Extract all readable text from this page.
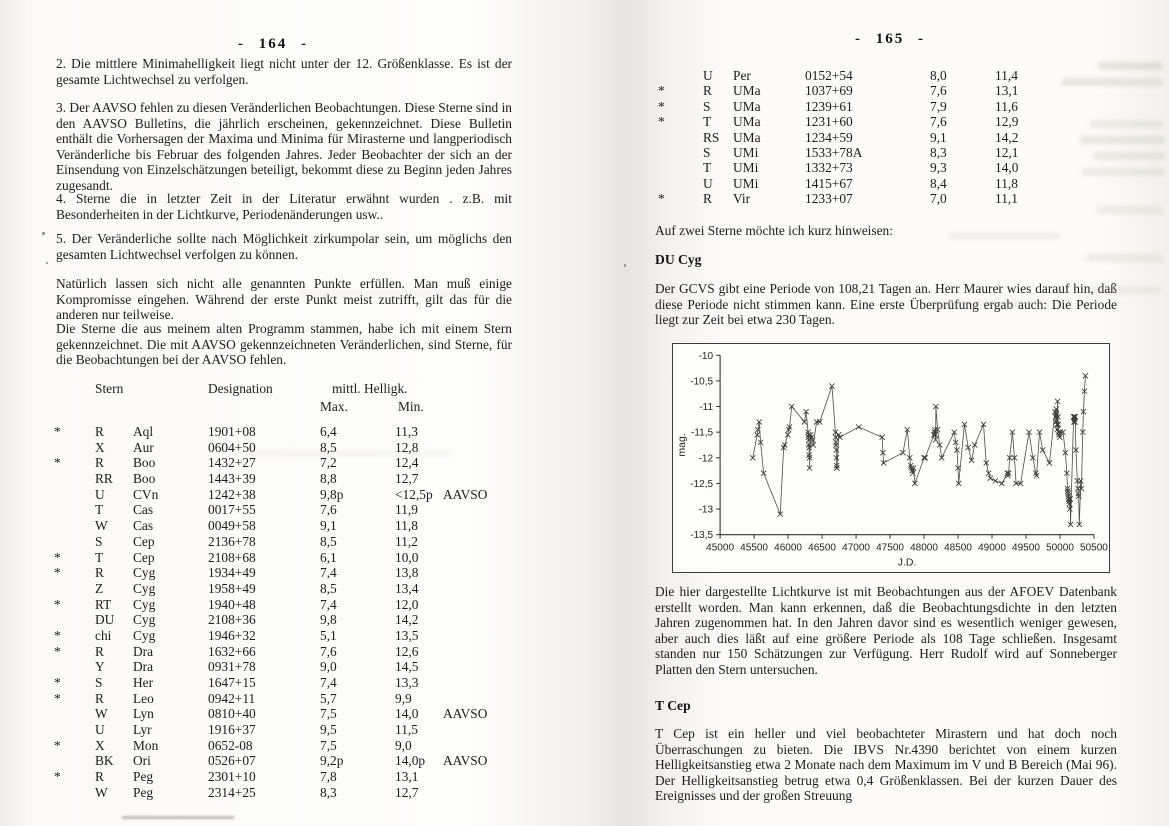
- 164 -

2. Die mittlere Minimahelligkeit liegt nicht unter der 12. Größenklasse. Es ist der gesamte Lichtwechsel zu verfolgen.

3. Der AAVSO fehlen zu diesen Veränderlichen Beobachtungen. Diese Sterne sind in den AAVSO Bulletins, die jährlich erscheinen, gekennzeichnet. Diese Bulletin enthält die Vorhersagen der Maxima und Minima für Mirasterne und langperiodisch Veränderliche bis Februar des folgenden Jahres. Jeder Beobachter der sich an der Einsendung von Einzelschätzungen beteiligt, bekommt diese zu Beginn jeden Jahres zugesandt.

4. Sterne die in letzter Zeit in der Literatur erwähnt wurden . z.B. mit Besonderheiten in der Lichtkurve, Periodenänderungen usw..

5. Der Veränderliche sollte nach Möglichkeit zirkumpolar sein, um möglichs den gesamten Lichtwechsel verfolgen zu können.

Natürlich lassen sich nicht alle genannten Punkte erfüllen. Man muß einige Kompromisse eingehen. Während der erste Punkt meist zutrifft, gilt das für die anderen nur teilweise.

Die Sterne die aus meinem alten Programm stammen, habe ich mit einem Stern gekennzeichnet. Die mit AAVSO gekennzeichneten Veränderlichen, sind Sterne, für die Beobachtungen bei der AAVSO fehlen.

Stern	Designation	mittl. Helligk.
Max.	Min.
*	R Aql	1901+08	6,4	11,3
X Aur	0604+50	8,5	12,8
*	R Boo	1432+27	7,2	12,4
RR Boo	1443+39	8,8	12,7
U CVn	1242+38	9,8p	<12,5p AAVSO
T Cas	0017+55	7,6	11,9
W Cas	0049+58	9,1	11,8
S Cep	2136+78	8,5	11,2
*	T Cep	2108+68	6,1	10,0
*	R Cyg	1934+49	7,4	13,8
Z Cyg	1958+49	8,5	13,4
*	RT Cyg	1940+48	7,4	12,0
DU Cyg	2108+36	9,8	14,2
*	chi Cyg	1946+32	5,1	13,5
*	R Dra	1632+66	7,6	12,6
Y Dra	0931+78	9,0	14,5
*	S Her	1647+15	7,4	13,3
*	R Leo	0942+11	5,7	9,9
W Lyn	0810+40	7,5	14,0 AAVSO
U Lyr	1916+37	9,5	11,5
*	X Mon	0652-08	7,5	9,0
BK Ori	0526+07	9,2p	14,0p AAVSO
*	R Peg	2301+10	7,8	13,1
W Peg	2314+25	8,3	12,7
- 165 -
U Per	0152+54	8,0	11,4
*	R UMa	1037+69	7,6	13,1
*	S UMa	1239+61	7,9	11,6
*	T UMa	1231+60	7,6	12,9
RS UMa	1234+59	9,1	14,2
S UMi	1533+78A	8,3	12,1
T UMi	1332+73	9,3	14,0
U UMi	1415+67	8,4	11,8
*	R Vir	1233+07	7,0	11,1

Auf zwei Sterne möchte ich kurz hinweisen:

DU Cyg

Der GCVS gibt eine Periode von 108,21 Tagen an. Herr Maurer wies darauf hin, daß diese Periode nicht stimmen kann. Eine erste Überprüfung ergab auch: Die Periode liegt zur Zeit bei etwa 230 Tagen.

-10
-10,5
-11
-11,5
-12
-12,5
-13
-13,5
45000 45500 46000 46500 47000 47500 48000 48500 49000 49500 50000 50500
mag.
J.D.

Die hier dargestellte Lichtkurve ist mit Beobachtungen aus der AFOEV Datenbank erstellt worden. Man kann erkennen, daß die Beobachtungsdichte in den letzten Jahren zugenommen hat. In den Jahren davor sind es wesentlich weniger gewesen, aber auch dies läßt auf eine größere Periode als 108 Tage schließen. Insgesamt standen nur 150 Schätzungen zur Verfügung. Herr Rudolf wird auf Sonneberger Platten den Stern untersuchen.

T Cep

T Cep ist ein heller und viel beobachteter Mirastern und hat doch noch Überraschungen zu bieten. Die IBVS Nr.4390 berichtet von einem kurzen Helligkeitsanstieg etwa 2 Monate nach dem Maximum im V und B Bereich (Mai 96). Der Helligkeitsanstieg betrug etwa 0,4 Größenklassen. Bei der kurzen Dauer des Ereignisses und der großen Streuung
